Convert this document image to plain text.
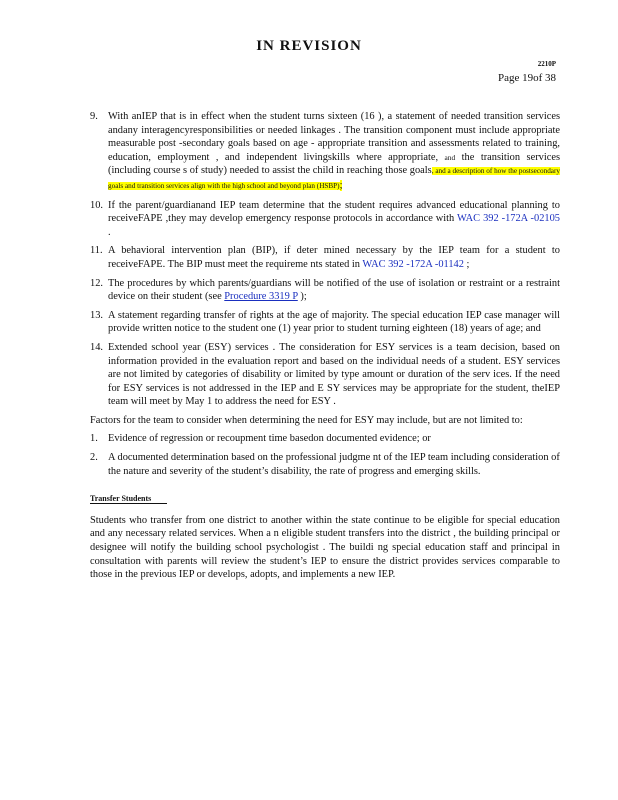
IN REVISION
2210P
Page 19of 38
9. With anIEP that is in effect when the student turns sixteen (16 ), a statement of needed transition services andany interagencyresponsibilities or needed linkages . The transition component must include appropriate measurable post -secondary goals based on age - appropriate transition and assessments related to training, education, employment , and independent livingskills where appropriate, and the transition services (including course s of study) needed to assist the child in reaching those goals, and a description of how the postsecondary goals and transition services align with the high school and beyond plan (HSBP);
10. If the parent/guardianand IEP team determine that the student requires advanced educational planning to receiveFAPE ,they may develop emergency response protocols in accordance with WAC 392 -172A -02105 .
11. A behavioral intervention plan (BIP), if deter mined necessary by the IEP team for a student to receiveFAPE. The BIP must meet the requireme nts stated in WAC 392 -172A -01142 ;
12. The procedures by which parents/guardians will be notified of the use of isolation or restraint or a restraint device on their student (see Procedure 3319 P );
13. A statement regarding transfer of rights at the age of majority. The special education IEP case manager will provide written notice to the student one (1) year prior to student turning eighteen (18) years of age; and
14. Extended school year (ESY) services . The consideration for ESY services is a team decision, based on information provided in the evaluation report and based on the individual needs of a student. ESY services are not limited by categories of disability or limited by type amount or duration of the serv ices. If the need for ESY services is not addressed in the IEP and E SY services may be appropriate for the student, theIEP team will meet by May 1 to address the need for ESY .
Factors for the team to consider when determining the need for ESY may include, but are not limited to:
1. Evidence of regression or recoupment time basedon documented evidence; or
2. A documented determination based on the professional judgme nt of the IEP team including consideration of the nature and severity of the student’s disability, the rate of progress and emerging skills.
Transfer Students
Students who transfer from one district to another within the state continue to be eligible for special education and any necessary related services. When a n eligible student transfers into the district , the building principal or designee will notify the building school psychologist . The buildi ng special education staff and principal in consultation with parents will review the student’s IEP to ensure the district provides services comparable to those in the previous IEP or develops, adopts, and implements a new IEP.
